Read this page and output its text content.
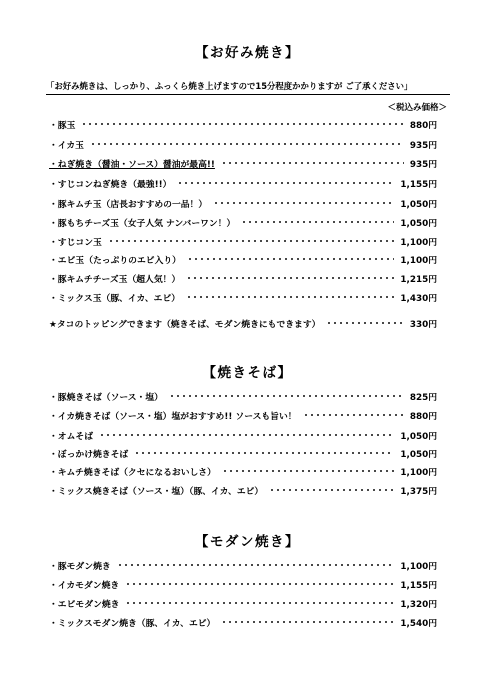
【お好み焼き】
「お好み焼きは、しっかり、ふっくら焼き上げますので15分程度かかりますが ご了承ください」
＜税込み価格＞
・豚玉	880円
・イカ玉	935円
・ねぎ焼き（醤油・ソース）醤油が最高!!	935円
・すじコンねぎ焼き（最強!!）	1,155円
・豚キムチ玉（店長おすすめの一品！）	1,050円
・豚もちチーズ玉（女子人気 ナンバーワン！）	1,050円
・すじコン玉	1,100円
・エビ玉（たっぷりのエビ入り）	1,100円
・豚キムチチーズ玉（超人気！）	1,215円
・ミックス玉（豚、イカ、エビ）	1,430円
★タコのトッピングできます（焼きそば、モダン焼きにもできます）	330円
【焼きそば】
・豚焼きそば（ソース・塩）	825円
・イカ焼きそば（ソース・塩）塩がおすすめ!! ソースも旨い！	880円
・オムそば	1,050円
・ぼっかけ焼きそば	1,050円
・キムチ焼きそば（クセになるおいしさ）	1,100円
・ミックス焼きそば（ソース・塩）（豚、イカ、エビ）	1,375円
【モダン焼き】
・豚モダン焼き	1,100円
・イカモダン焼き	1,155円
・エビモダン焼き	1,320円
・ミックスモダン焼き（豚、イカ、エビ）	1,540円
